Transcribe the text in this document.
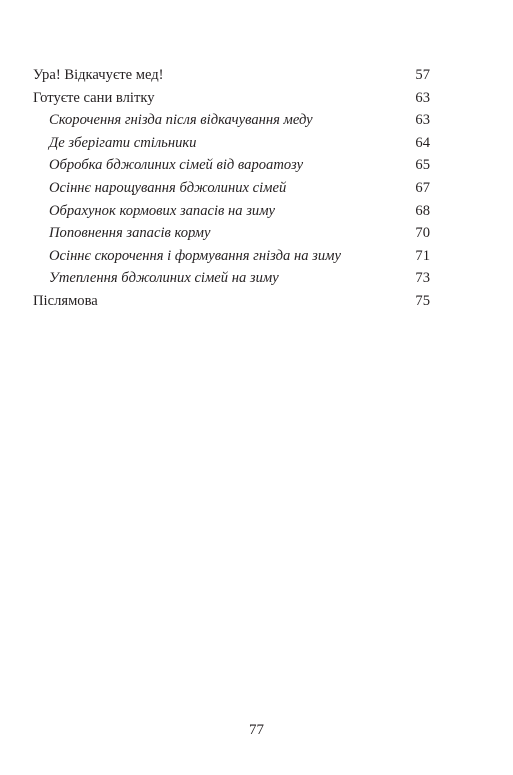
Ура! Відкачуєте мед!	57
Готуєте сани влітку	63
Скорочення гнізда після відкачування меду	63
Де зберігати стільники	64
Обробка бджолиних сімей від вароатозу	65
Осіннє нарощування бджолиних сімей	67
Обрахунок кормових запасів на зиму	68
Поповнення запасів корму	70
Осіннє скорочення і формування гнізда на зиму	71
Утеплення бджолиних сімей на зиму	73
Післямова	75
77
